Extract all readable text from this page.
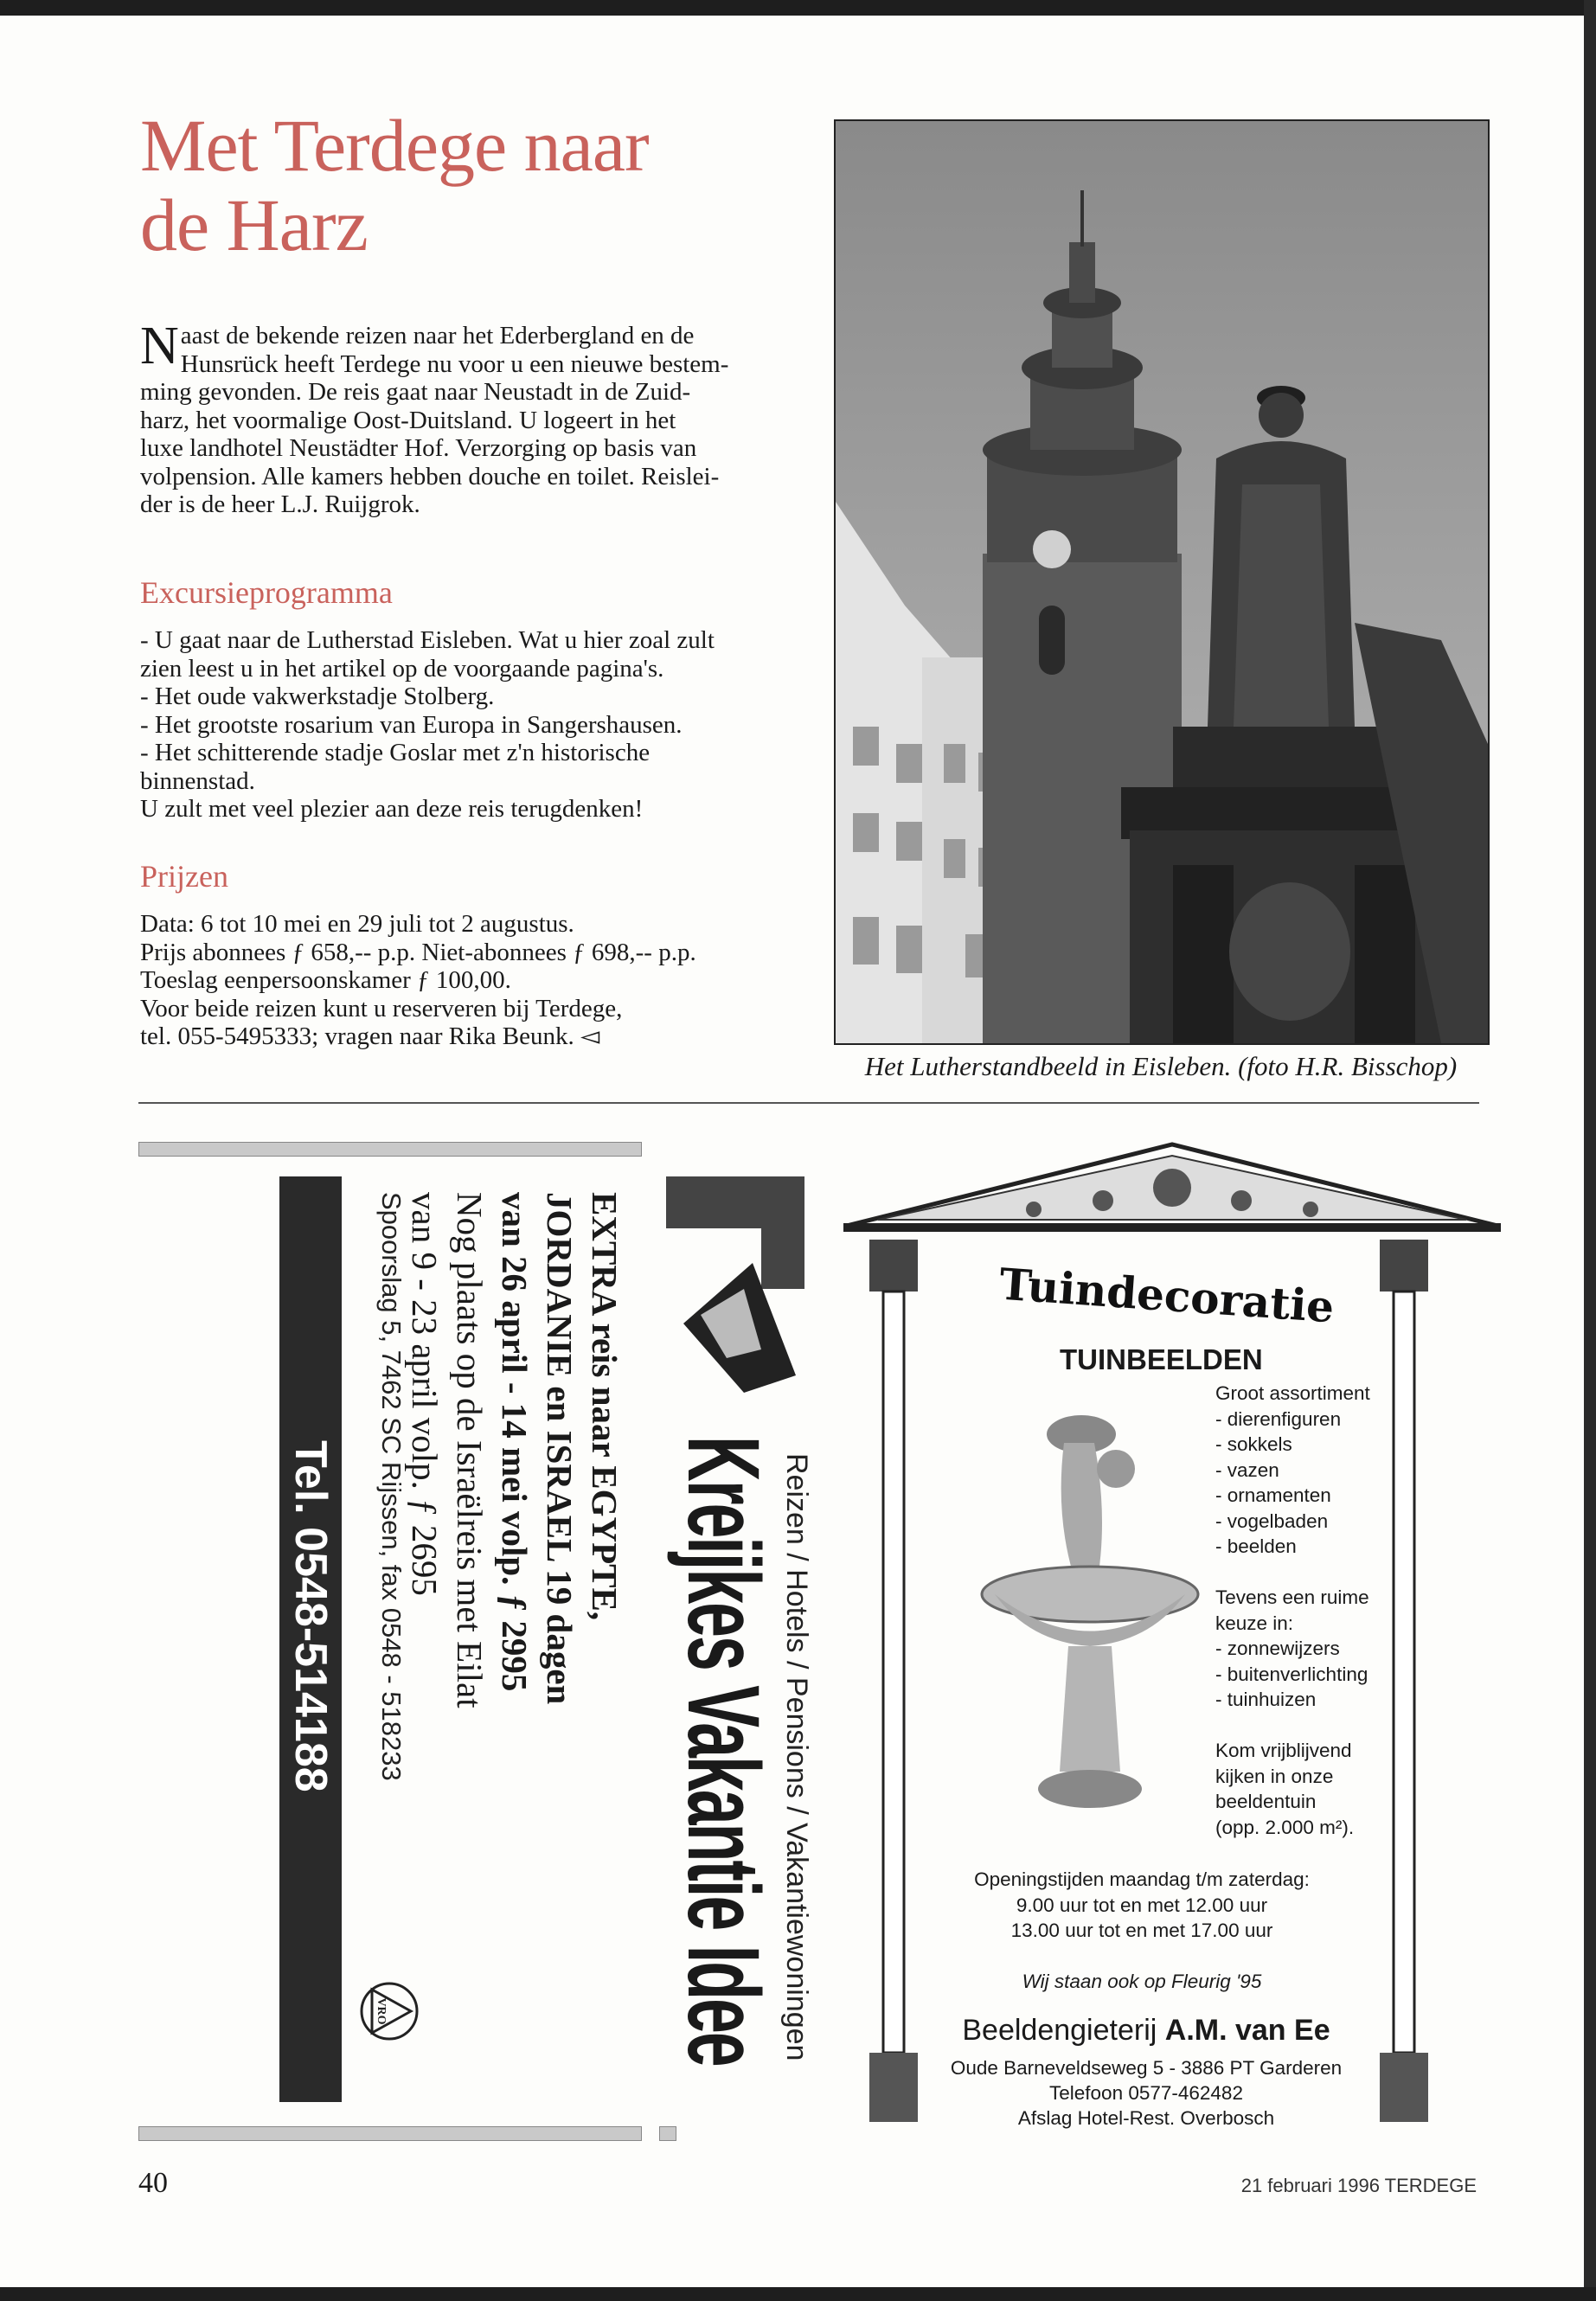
Met Terdege naar
de Harz
N aast de bekende reizen naar het Ederbergland en de
Hunsrück heeft Terdege nu voor u een nieuwe bestem-
ming gevonden. De reis gaat naar Neustadt in de Zuid-
harz, het voormalige Oost-Duitsland. U logeert in het
luxe landhotel Neustädter Hof. Verzorging op basis van
volpension. Alle kamers hebben douche en toilet. Reislei-
der is de heer L.J. Ruijgrok.
Excursieprogramma
- U gaat naar de Lutherstad Eisleben. Wat u hier zoal zult
zien leest u in het artikel op de voorgaande pagina's.
- Het oude vakwerkstadje Stolberg.
- Het grootste rosarium van Europa in Sangershausen.
- Het schitterende stadje Goslar met z'n historische
binnenstad.
U zult met veel plezier aan deze reis terugdenken!
Prijzen
Data: 6 tot 10 mei en 29 juli tot 2 augustus.
Prijs abonnees ƒ 658,-- p.p. Niet-abonnees ƒ 698,-- p.p.
Toeslag eenpersoonskamer ƒ 100,00.
Voor beide reizen kunt u reserveren bij Terdege,
tel. 055-5495333; vragen naar Rika Beunk. ◅
Het Lutherstandbeeld in Eisleben. (foto H.R. Bisschop)
Reizen / Hotels / Pensions / Vakantiewoningen
Kreijkes Vakantie Idee
EXTRA reis naar EGYPTE,
JORDANIE en ISRAEL 19 dagen
van 26 april - 14 mei volp. ƒ 2995
Nog plaats op de Israëlreis met Eilat
van 9 - 23 april volp. ƒ 2695
Spoorslag 5, 7462 SC Rijssen, fax 0548 - 518233
VRO
Tel. 0548-514188
Tuindecoratie
TUINBEELDEN
Groot assortiment
- dierenfiguren
- sokkels
- vazen
- ornamenten
- vogelbaden
- beelden

Tevens een ruime
keuze in:
- zonnewijzers
- buitenverlichting
- tuinhuizen

Kom vrijblijvend
kijken in onze
beeldentuin
(opp. 2.000 m²).
Openingstijden maandag t/m zaterdag:
9.00 uur tot en met 12.00 uur
13.00 uur tot en met 17.00 uur
Wij staan ook op Fleurig '95
Beeldengieterij A.M. van Ee
Oude Barneveldseweg 5 - 3886 PT Garderen
Telefoon 0577-462482
Afslag Hotel-Rest. Overbosch
40	21 februari 1996 TERDEGE
